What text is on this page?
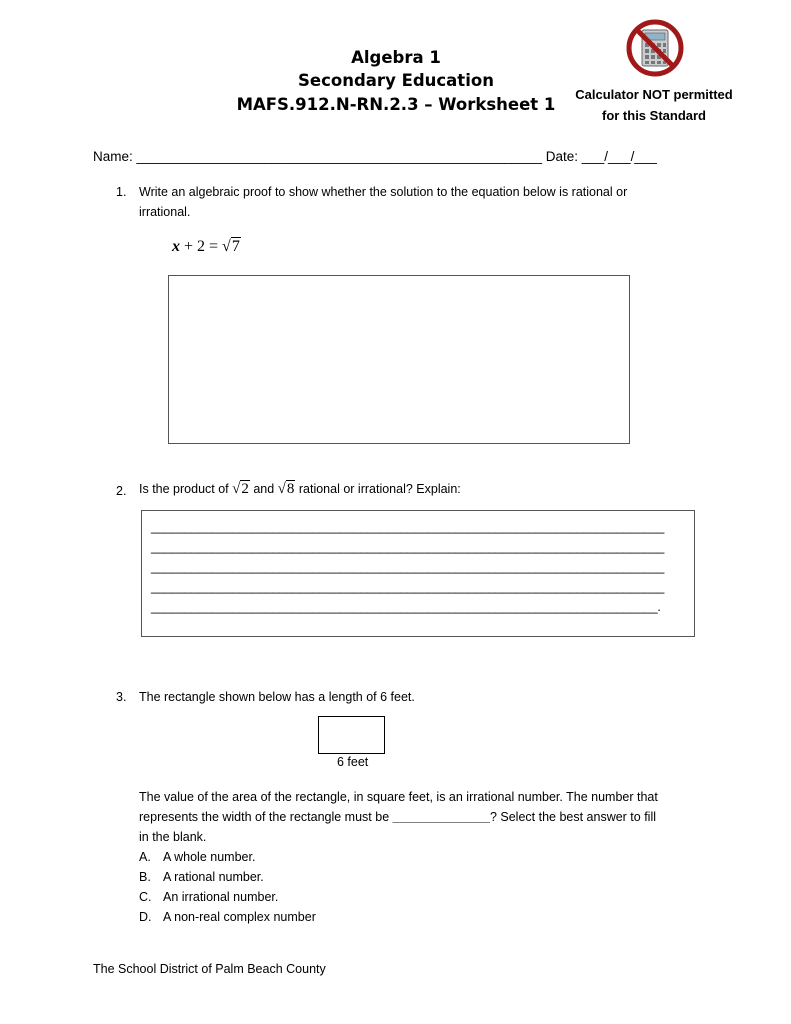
Algebra 1
Secondary Education
MAFS.912.N-RN.2.3 – Worksheet 1
Calculator NOT permitted
for this Standard
Name: ______________________________________________________ Date: ___/___/___
1. Write an algebraic proof to show whether the solution to the equation below is rational or
irrational.
x + 2 = √7
2. Is the product of √2 and √8 rational or irrational? Explain:
____________________________________________________________________________
____________________________________________________________________________
____________________________________________________________________________
____________________________________________________________________________
___________________________________________________________________________.
3. The rectangle shown below has a length of 6 feet.
6 feet
The value of the area of the rectangle, in square feet, is an irrational number. The number that
represents the width of the rectangle must be ______________? Select the best answer to fill
in the blank.
A. A whole number.
B. A rational number.
C. An irrational number.
D. A non-real complex number
The School District of Palm Beach County
